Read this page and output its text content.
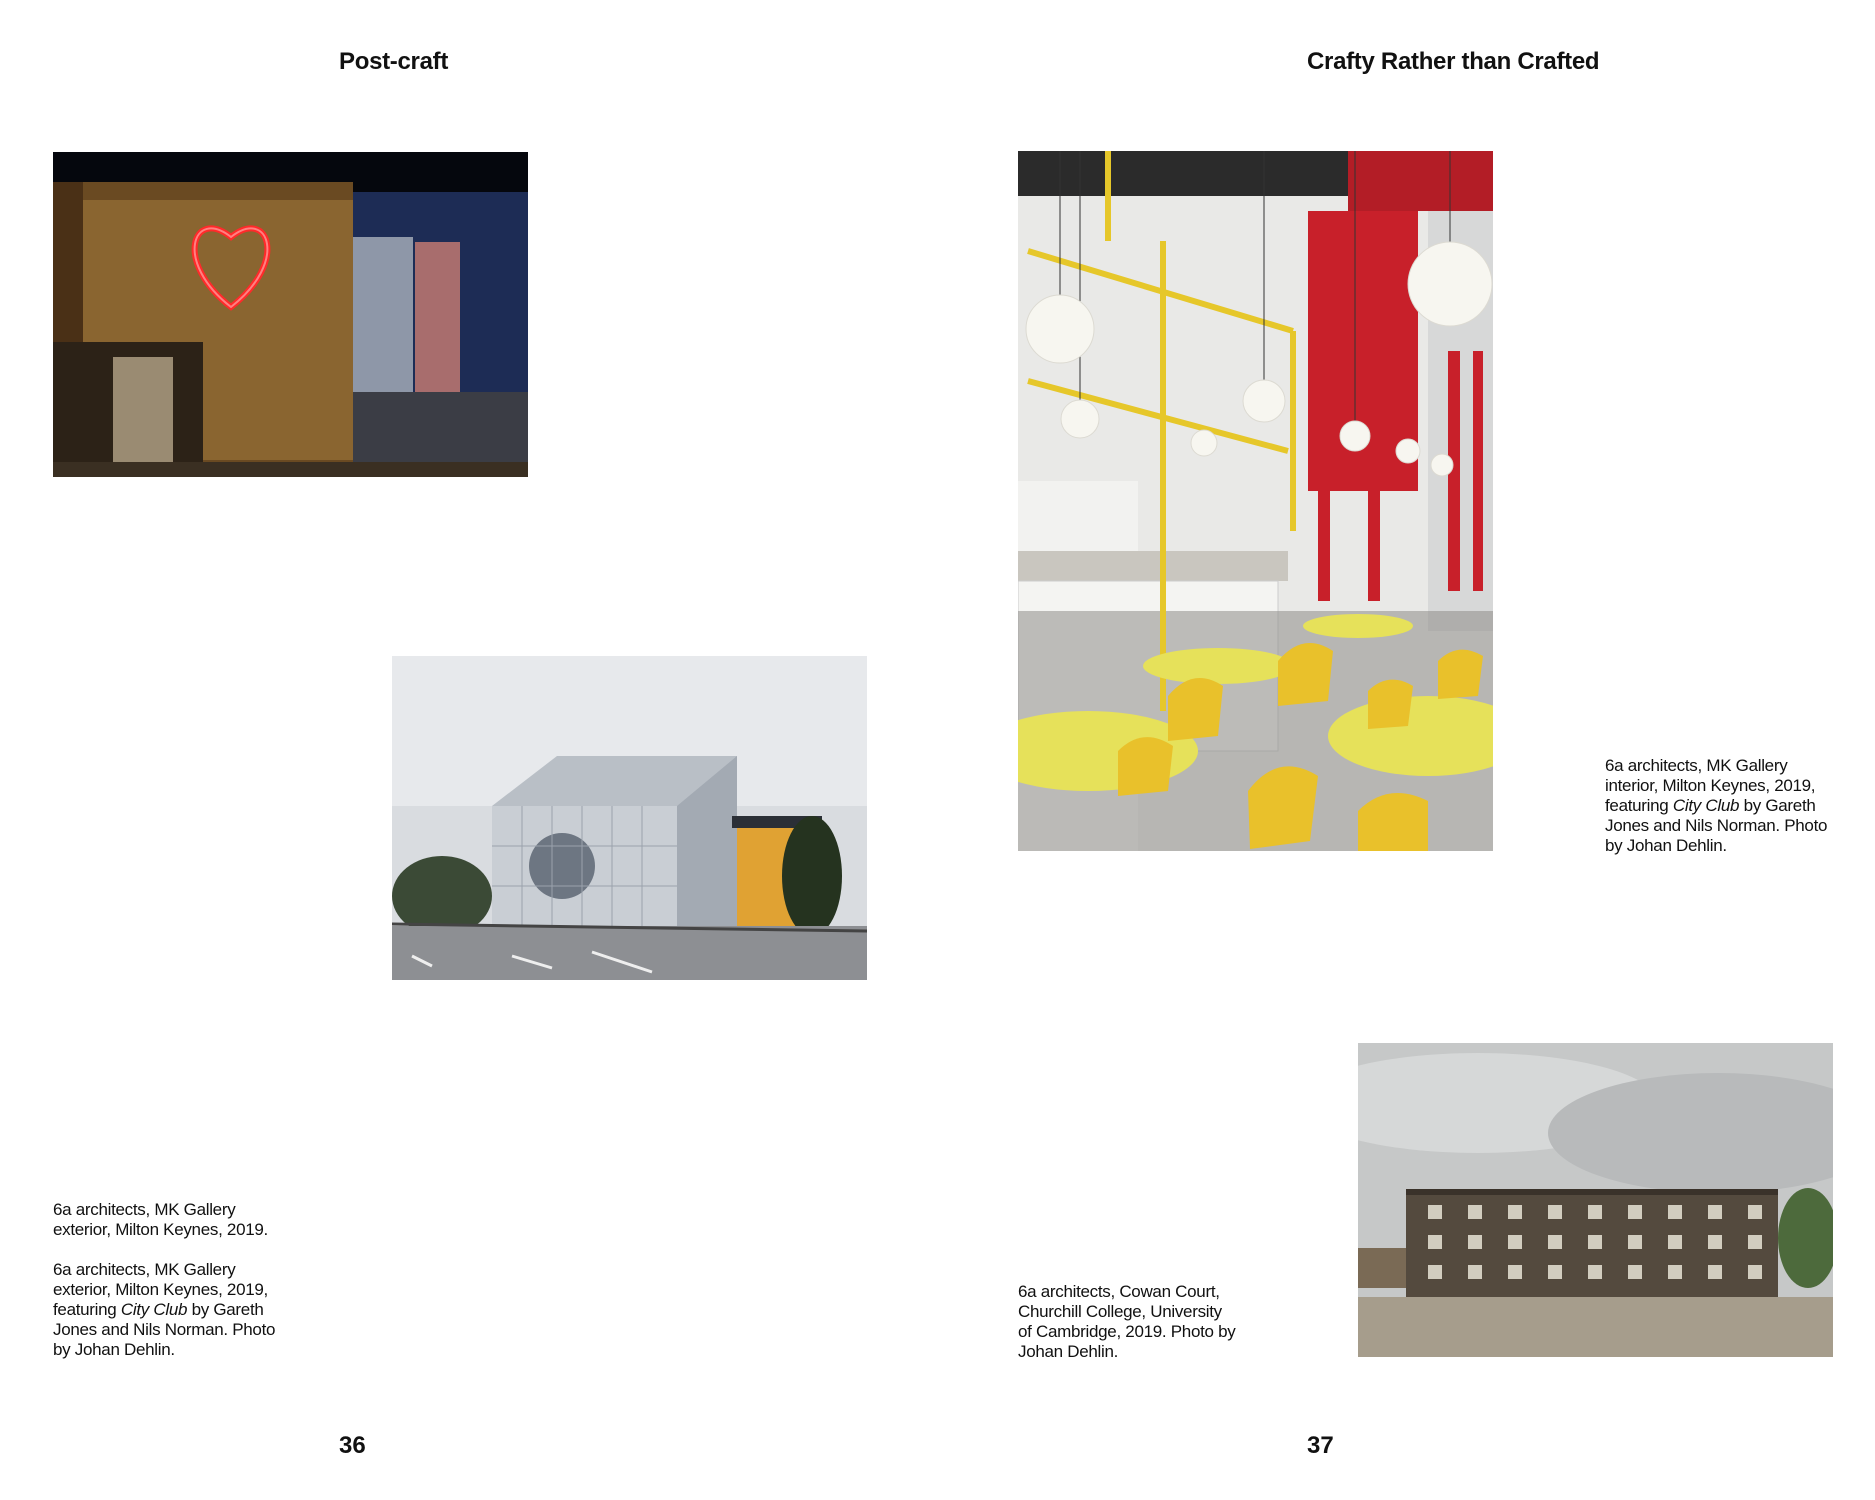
Post-craft

6a architects, MK Gallery

exterior, Milton Keynes, 2019.

6a architects, MK Gallery

exterior, Milton Keynes, 2019,

featuring City Club by Gareth

Jones and Nils Norman. Photo

by Johan Dehlin.

36
Crafty Rather than Crafted

6a architects, MK Gallery

interior, Milton Keynes, 2019,

featuring City Club by Gareth

Jones and Nils Norman. Photo

by Johan Dehlin.

6a architects, Cowan Court,

Churchill College, University

of Cambridge, 2019. Photo by

Johan Dehlin.

37
